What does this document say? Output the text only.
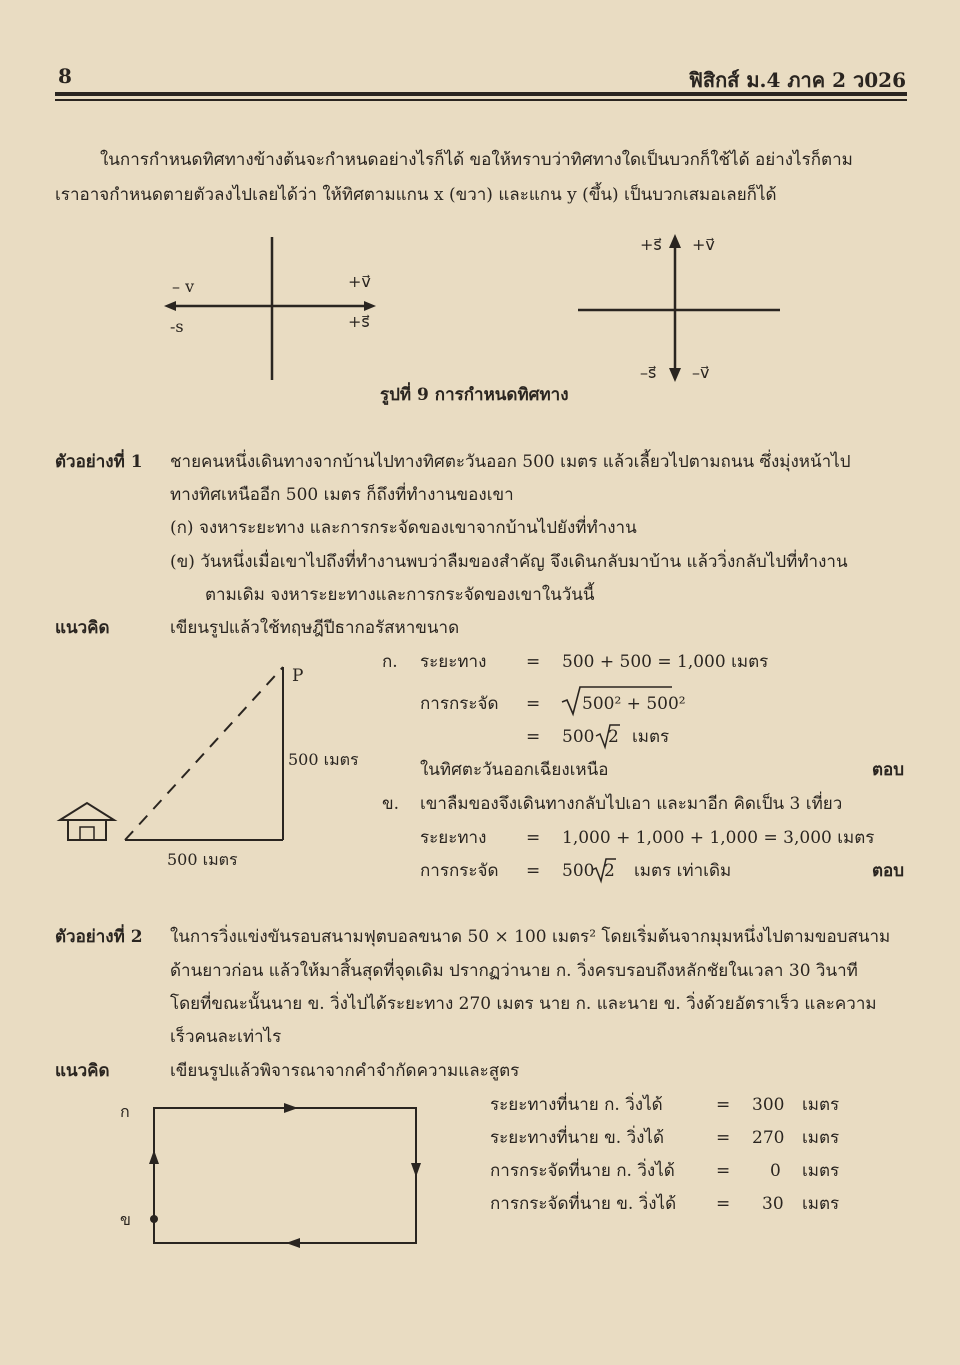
8	ฟิสิกส์ ม.4 ภาค 2 ว026
ในการกำหนดทิศทางข้างต้นจะกำหนดอย่างไรก็ได้ ขอให้ทราบว่าทิศทางใดเป็นบวกก็ใช้ได้ อย่างไรก็ตาม
เราอาจกำหนดตายตัวลงไปเลยได้ว่า ให้ทิศตามแกน x (ขวา) และแกน y (ขึ้น) เป็นบวกเสมอเลยก็ได้
– v
-s
+v⃗
+s⃗
+s⃗ +v⃗
–s⃗ –v⃗
รูปที่ 9 การกำหนดทิศทาง
ตัวอย่างที่ 1 ชายคนหนึ่งเดินทางจากบ้านไปทางทิศตะวันออก 500 เมตร แล้วเลี้ยวไปตามถนน ซึ่งมุ่งหน้าไป
ทางทิศเหนืออีก 500 เมตร ก็ถึงที่ทำงานของเขา
(ก) จงหาระยะทาง และการกระจัดของเขาจากบ้านไปยังที่ทำงาน
(ข) วันหนึ่งเมื่อเขาไปถึงที่ทำงานพบว่าลืมของสำคัญ จึงเดินกลับมาบ้าน แล้ววิ่งกลับไปที่ทำงาน
ตามเดิม จงหาระยะทางและการกระจัดของเขาในวันนี้
แนวคิด	เขียนรูปแล้วใช้ทฤษฎีปีธากอรัสหาขนาด
P
500 เมตร
500 เมตร
ก. ระยะทาง = 500 + 500 = 1,000 เมตร
การกระจัด = 500² + 500²
= 500 2 เมตร
ในทิศตะวันออกเฉียงเหนือ	ตอบ
ข. เขาลืมของจึงเดินทางกลับไปเอา และมาอีก คิดเป็น 3 เที่ยว
ระยะทาง = 1,000 + 1,000 + 1,000 = 3,000 เมตร
การกระจัด = 500 2 เมตร เท่าเดิม	ตอบ
ตัวอย่างที่ 2 ในการวิ่งแข่งขันรอบสนามฟุตบอลขนาด 50 × 100 เมตร² โดยเริ่มต้นจากมุมหนึ่งไปตามขอบสนาม
ด้านยาวก่อน แล้วให้มาสิ้นสุดที่จุดเดิม ปรากฏว่านาย ก. วิ่งครบรอบถึงหลักชัยในเวลา 30 วินาที
โดยที่ขณะนั้นนาย ข. วิ่งไปได้ระยะทาง 270 เมตร นาย ก. และนาย ข. วิ่งด้วยอัตราเร็ว และความ
เร็วคนละเท่าไร
แนวคิด	เขียนรูปแล้วพิจารณาจากคำจำกัดความและสูตร
ก
ข
ระยะทางที่นาย ก. วิ่งได้	= 300 เมตร
ระยะทางที่นาย ข. วิ่งได้	= 270 เมตร
การกระจัดที่นาย ก. วิ่งได้ = 0 เมตร
การกระจัดที่นาย ข. วิ่งได้ = 30 เมตร
